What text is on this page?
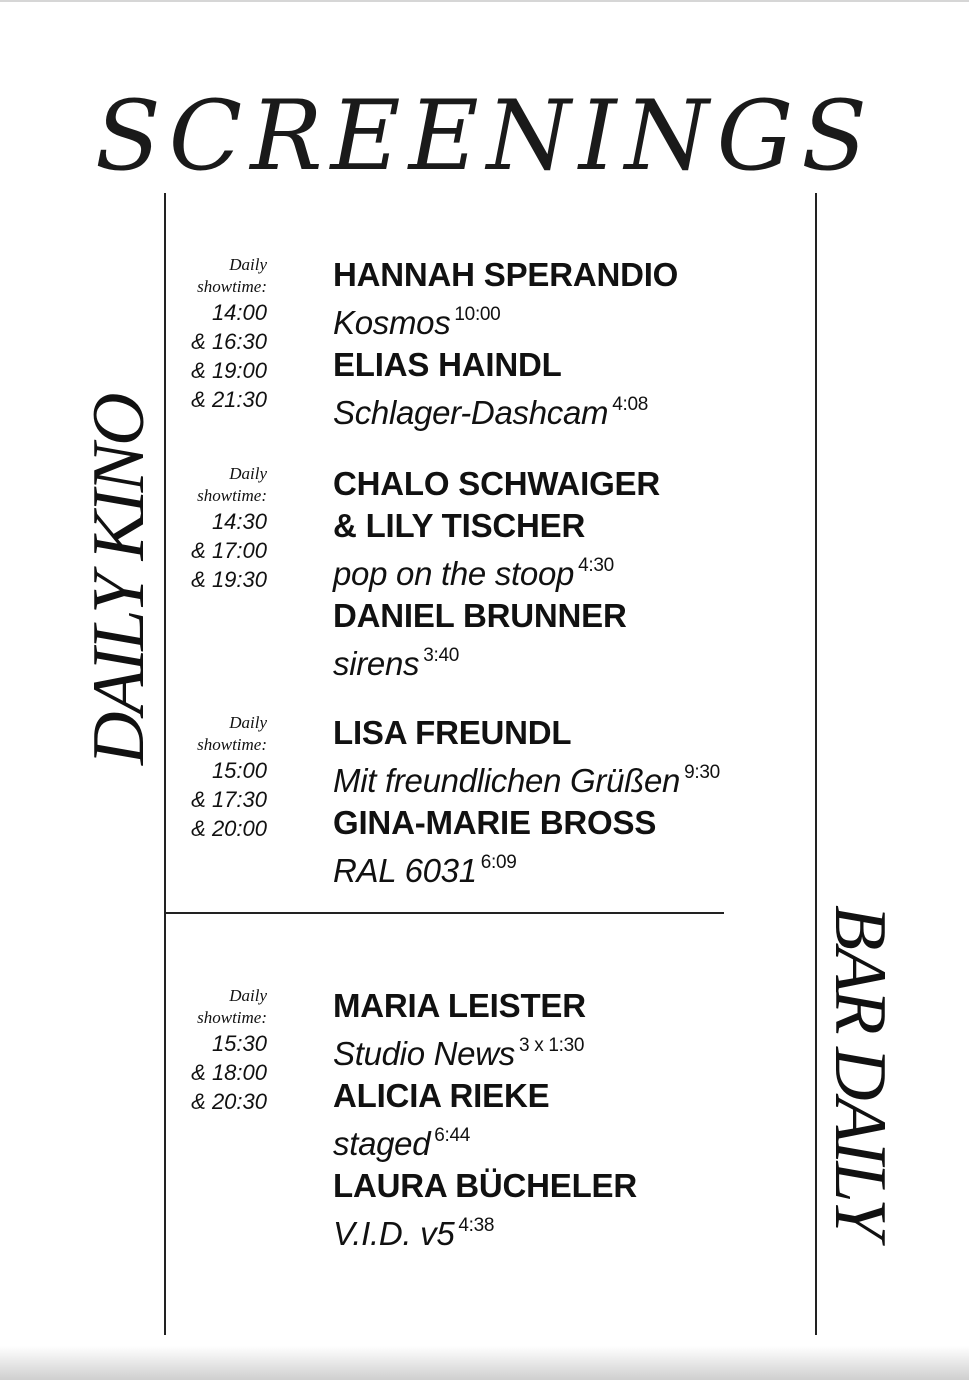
SCREENINGS
DAILY KINO
BAR DAILY
Daily
showtime:
14:00
& 16:30
& 19:00
& 21:30
HANNAH SPERANDIO
Kosmos $^{10:00}$
ELIAS HAINDL
Schlager-Dashcam $^{4:08}$
Daily
showtime:
14:30
& 17:00
& 19:30
CHALO SCHWAIGER
& LILY TISCHER
pop on the stoop $^{4:30}$
DANIEL BRUNNER
sirens $^{3:40}$
Daily
showtime:
15:00
& 17:30
& 20:00
LISA FREUNDL
Mit freundlichen Grüßen $^{9:30}$
GINA-MARIE BROSS
RAL 6031 $^{6:09}$
Daily
showtime:
15:30
& 18:00
& 20:30
MARIA LEISTER
Studio News $^{3 x 1:30}$
ALICIA RIEKE
staged $^{6:44}$
LAURA BÜCHELER
V.I.D. v5 $^{4:38}$
